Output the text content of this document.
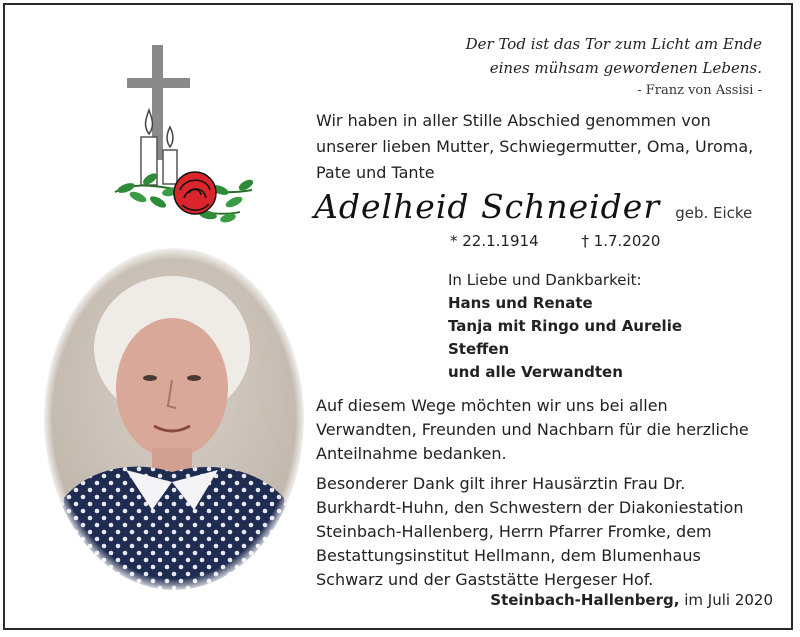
Der Tod ist das Tor zum Licht am Ende
eines mühsam gewordenen Lebens.
- Franz von Assisi -
Wir haben in aller Stille Abschied genommen von unserer lieben Mutter, Schwiegermutter, Oma, Uroma, Pate und Tante
Adelheid Schneider geb. Eicke
* 22.1.1914	† 1.7.2020
In Liebe und Dankbarkeit:
Hans und Renate
Tanja mit Ringo und Aurelie
Steffen
und alle Verwandten

Auf diesem Wege möchten wir uns bei allen Verwandten, Freunden und Nachbarn für die herzliche Anteilnahme bedanken.

Besonderer Dank gilt ihrer Hausärztin Frau Dr. Burkhardt-Huhn, den Schwestern der Diakoniestation Steinbach-Hallenberg, Herrn Pfarrer Fromke, dem Bestattungsinstitut Hellmann, dem Blumenhaus Schwarz und der Gaststätte Hergeser Hof.

Steinbach-Hallenberg, im Juli 2020
